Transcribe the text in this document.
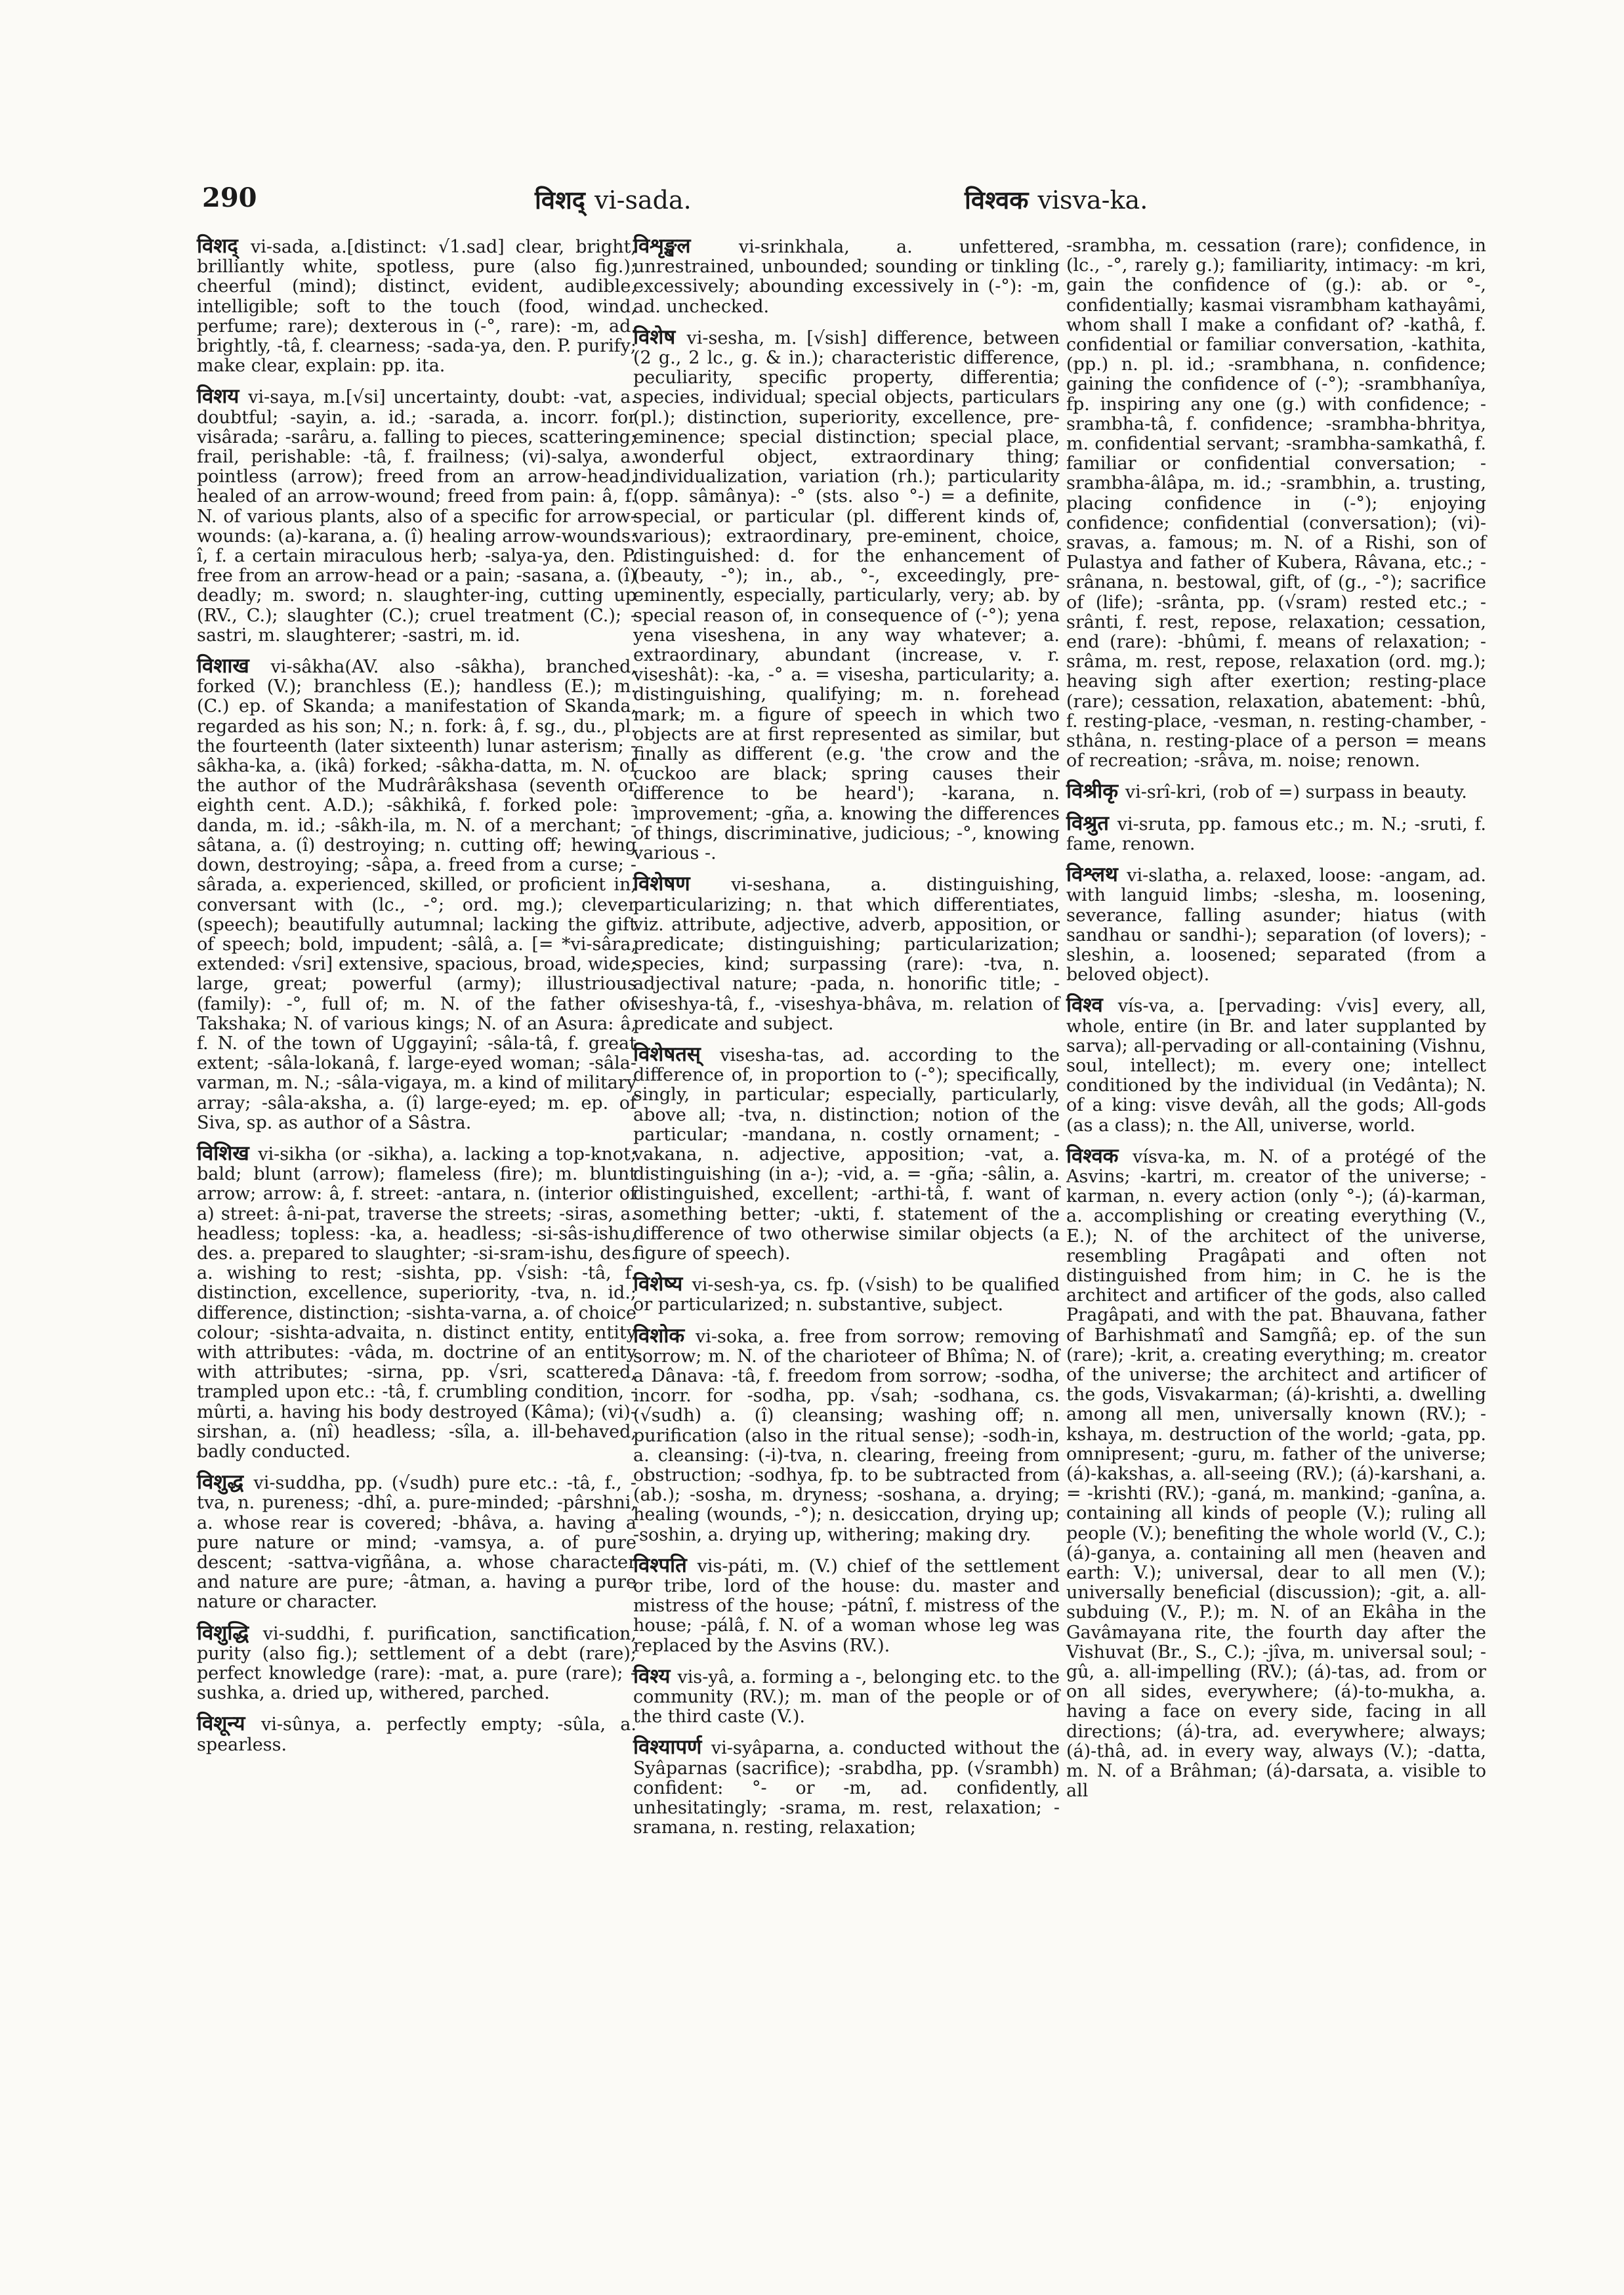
290	विशद् vi-sada.	विश्वक visva-ka.

विशद् vi-sada, a.[distinct: √1.sad] clear, bright, brilliantly white, spotless, pure (also fig.); cheerful (mind); distinct, evident, audible, intelligible; soft to the touch (food, wind, perfume; rare); dexterous in (-°, rare): -m, ad. brightly, -tâ, f. clearness; -sada-ya, den. P. purify; make clear, explain: pp. ita.

विशय vi-saya, m.[√si] uncertainty, doubt: -vat, a. doubtful; -sayin, a. id.; -sarada, a. incorr. for visârada; -sarâru, a. falling to pieces, scattering; frail, perishable: -tâ, f. frailness; (vi)-salya, a. pointless (arrow); freed from an arrow-head, healed of an arrow-wound; freed from pain: â, f. N. of various plants, also of a specific for arrow-wounds: (a)-karana, a. (î) healing arrow-wounds: î, f. a certain miraculous herb; -salya-ya, den. P. free from an arrow-head or a pain; -sasana, a. (î) deadly; m. sword; n. slaughter-ing, cutting up (RV., C.); slaughter (C.); cruel treatment (C.); -sastri, m. slaughterer; -sastri, m. id.

विशाख vi-sâkha(AV. also -sâkha), branched, forked (V.); branchless (E.); handless (E.); m. (C.) ep. of Skanda; a manifestation of Skanda, regarded as his son; N.; n. fork: â, f. sg., du., pl. the fourteenth (later sixteenth) lunar asterism; -sâkha-ka, a. (ikâ) forked; -sâkha-datta, m. N. of the author of the Mudrârâkshasa (seventh or eighth cent. A.D.); -sâkhikâ, f. forked pole: -danda, m. id.; -sâkh-ila, m. N. of a merchant; -sâtana, a. (î) destroying; n. cutting off; hewing down, destroying; -sâpa, a. freed from a curse; -sârada, a. experienced, skilled, or proficient in, conversant with (lc., -°; ord. mg.); clever (speech); beautifully autumnal; lacking the gift of speech; bold, impudent; -sâlâ, a. [= *vi-sâra, extended: √sri] extensive, spacious, broad, wide; large, great; powerful (army); illustrious (family): -°, full of; m. N. of the father of Takshaka; N. of various kings; N. of an Asura: â, f. N. of the town of Uggayinî; -sâla-tâ, f. great extent; -sâla-lokanâ, f. large-eyed woman; -sâla-varman, m. N.; -sâla-vigaya, m. a kind of military array; -sâla-aksha, a. (î) large-eyed; m. ep. of Siva, sp. as author of a Sâstra.

विशिख vi-sikha (or -sikha), a. lacking a top-knot; bald; blunt (arrow); flameless (fire); m. blunt arrow; arrow: â, f. street: -antara, n. (interior of a) street: â-ni-pat, traverse the streets; -siras, a. headless; topless: -ka, a. headless; -si-sâs-ishu, des. a. prepared to slaughter; -si-sram-ishu, des. a. wishing to rest; -sishta, pp. √sish: -tâ, f. distinction, excellence, superiority, -tva, n. id.; difference, distinction; -sishta-varna, a. of choice colour; -sishta-advaita, n. distinct entity, entity with attributes: -vâda, m. doctrine of an entity with attributes; -sirna, pp. √sri, scattered, trampled upon etc.: -tâ, f. crumbling condition, -mûrti, a. having his body destroyed (Kâma); (vi)-sirshan, a. (nî) headless; -sîla, a. ill-behaved, badly conducted.

विशुद्ध vi-suddha, pp. (√sudh) pure etc.: -tâ, f., -tva, n. pureness; -dhî, a. pure-minded; -pârshni, a. whose rear is covered; -bhâva, a. having a pure nature or mind; -vamsya, a. of pure descent; -sattva-vigñâna, a. whose character and nature are pure; -âtman, a. having a pure nature or character.

विशुद्धि vi-suddhi, f. purification, sanctification, purity (also fig.); settlement of a debt (rare); perfect knowledge (rare): -mat, a. pure (rare); -sushka, a. dried up, withered, parched.

विशून्य vi-sûnya, a. perfectly empty; -sûla, a. spearless.

विशृङ्खल vi-srinkhala, a. unfettered, unrestrained, unbounded; sounding or tinkling excessively; abounding excessively in (-°): -m, ad. unchecked.

विशेष vi-sesha, m. [√sish] difference, between (2 g., 2 lc., g. & in.); characteristic difference, peculiarity, specific property, differentia; species, individual; special objects, particulars (pl.); distinction, superiority, excellence, pre-eminence; special distinction; special place, wonderful object, extraordinary thing; individualization, variation (rh.); particularity (opp. sâmânya): -° (sts. also °-) = a definite, special, or particular (pl. different kinds of, various); extraordinary, pre-eminent, choice, distinguished: d. for the enhancement of (beauty, -°); in., ab., °-, exceedingly, pre-eminently, especially, particularly, very; ab. by special reason of, in consequence of (-°); yena yena viseshena, in any way whatever; a. extraordinary, abundant (increase, v. r. viseshât): -ka, -° a. = visesha, particularity; a. distinguishing, qualifying; m. n. forehead mark; m. a figure of speech in which two objects are at first represented as similar, but finally as different (e.g. 'the crow and the cuckoo are black; spring causes their difference to be heard'); -karana, n. improvement; -gña, a. knowing the differences of things, discriminative, judicious; -°, knowing various -.

विशेषण vi-seshana, a. distinguishing, particularizing; n. that which differentiates, viz. attribute, adjective, adverb, apposition, or predicate; distinguishing; particularization; species, kind; surpassing (rare): -tva, n. adjectival nature; -pada, n. honorific title; -viseshya-tâ, f., -viseshya-bhâva, m. relation of predicate and subject.

विशेषतस् visesha-tas, ad. according to the difference of, in proportion to (-°); specifically, singly, in particular; especially, particularly, above all; -tva, n. distinction; notion of the particular; -mandana, n. costly ornament; -vakana, n. adjective, apposition; -vat, a. distinguishing (in a-); -vid, a. = -gña; -sâlin, a. distinguished, excellent; -arthi-tâ, f. want of something better; -ukti, f. statement of the difference of two otherwise similar objects (a figure of speech).

विशेष्य vi-sesh-ya, cs. fp. (√sish) to be qualified or particularized; n. substantive, subject.

विशोक vi-soka, a. free from sorrow; removing sorrow; m. N. of the charioteer of Bhîma; N. of a Dânava: -tâ, f. freedom from sorrow; -sodha, incorr. for -sodha, pp. √sah; -sodhana, cs. (√sudh) a. (î) cleansing; washing off; n. purification (also in the ritual sense); -sodh-in, a. cleansing: (-i)-tva, n. clearing, freeing from obstruction; -sodhya, fp. to be subtracted from (ab.); -sosha, m. dryness; -soshana, a. drying; healing (wounds, -°); n. desiccation, drying up; -soshin, a. drying up, withering; making dry.

विश्पति vis-páti, m. (V.) chief of the settlement or tribe, lord of the house: du. master and mistress of the house; -pátnî, f. mistress of the house; -pálâ, f. N. of a woman whose leg was replaced by the Asvins (RV.).

विश्य vis-yâ, a. forming a -, belonging etc. to the community (RV.); m. man of the people or of the third caste (V.).

विश्यापर्ण vi-syâparna, a. conducted without the Syâparnas (sacrifice); -srabdha, pp. (√srambh) confident: °- or -m, ad. confidently, unhesitatingly; -srama, m. rest, relaxation; -sramana, n. resting, relaxation;

-srambha, m. cessation (rare); confidence, in (lc., -°, rarely g.); familiarity, intimacy: -m kri, gain the confidence of (g.): ab. or °-, confidentially; kasmai visrambham kathayâmi, whom shall I make a confidant of? -kathâ, f. confidential or familiar conversation, -kathita, (pp.) n. pl. id.; -srambhana, n. confidence; gaining the confidence of (-°); -srambhanîya, fp. inspiring any one (g.) with confidence; -srambha-tâ, f. confidence; -srambha-bhritya, m. confidential servant; -srambha-samkathâ, f. familiar or confidential conversation; -srambha-âlâpa, m. id.; -srambhin, a. trusting, placing confidence in (-°); enjoying confidence; confidential (conversation); (vi)-sravas, a. famous; m. N. of a Rishi, son of Pulastya and father of Kubera, Râvana, etc.; -srânana, n. bestowal, gift, of (g., -°); sacrifice of (life); -srânta, pp. (√sram) rested etc.; -srânti, f. rest, repose, relaxation; cessation, end (rare): -bhûmi, f. means of relaxation; -srâma, m. rest, repose, relaxation (ord. mg.); heaving sigh after exertion; resting-place (rare); cessation, relaxation, abatement: -bhû, f. resting-place, -vesman, n. resting-chamber, -sthâna, n. resting-place of a person = means of recreation; -srâva, m. noise; renown.

विश्रीकृ vi-srî-kri, (rob of =) surpass in beauty.

विश्रुत vi-sruta, pp. famous etc.; m. N.; -sruti, f. fame, renown.

विश्लथ vi-slatha, a. relaxed, loose: -angam, ad. with languid limbs; -slesha, m. loosening, severance, falling asunder; hiatus (with sandhau or sandhi-); separation (of lovers); -sleshin, a. loosened; separated (from a beloved object).

विश्व vís-va, a. [pervading: √vis] every, all, whole, entire (in Br. and later supplanted by sarva); all-pervading or all-containing (Vishnu, soul, intellect); m. every one; intellect conditioned by the individual (in Vedânta); N. of a king: visve devâh, all the gods; All-gods (as a class); n. the All, universe, world.

विश्वक vísva-ka, m. N. of a protégé of the Asvins; -kartri, m. creator of the universe; -karman, n. every action (only °-); (á)-karman, a. accomplishing or creating everything (V., E.); N. of the architect of the universe, resembling Pragâpati and often not distinguished from him; in C. he is the architect and artificer of the gods, also called Pragâpati, and with the pat. Bhauvana, father of Barhishmatî and Samgñâ; ep. of the sun (rare); -krit, a. creating everything; m. creator of the universe; the architect and artificer of the gods, Visvakarman; (á)-krishti, a. dwelling among all men, universally known (RV.); -kshaya, m. destruction of the world; -gata, pp. omnipresent; -guru, m. father of the universe; (á)-kakshas, a. all-seeing (RV.); (á)-karshani, a. = -krishti (RV.); -ganá, m. mankind; -ganîna, a. containing all kinds of people (V.); ruling all people (V.); benefiting the whole world (V., C.); (á)-ganya, a. containing all men (heaven and earth: V.); universal, dear to all men (V.); universally beneficial (discussion); -git, a. all-subduing (V., P.); m. N. of an Ekâha in the Gavâmayana rite, the fourth day after the Vishuvat (Br., S., C.); -jîva, m. universal soul; -gû, a. all-impelling (RV.); (á)-tas, ad. from or on all sides, everywhere; (á)-to-mukha, a. having a face on every side, facing in all directions; (á)-tra, ad. everywhere; always; (á)-thâ, ad. in every way, always (V.); -datta, m. N. of a Brâhman; (á)-darsata, a. visible to all
